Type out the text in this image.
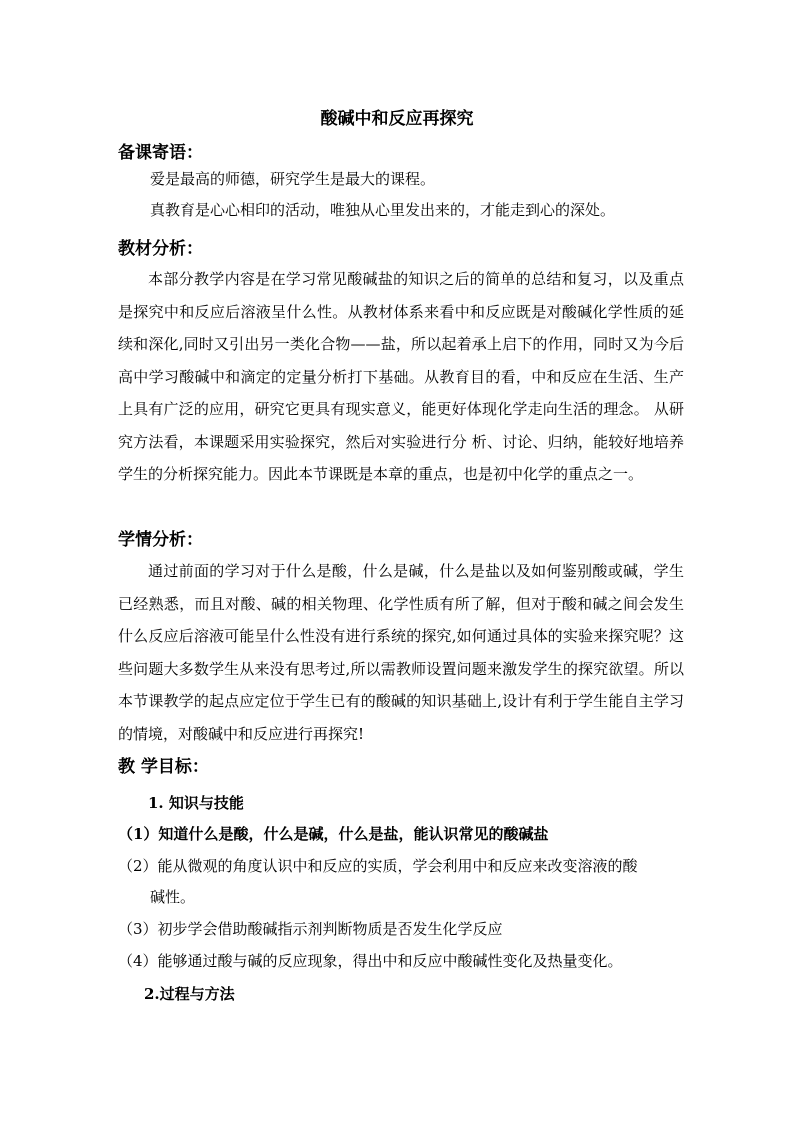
酸碱中和反应再探究
备课寄语：
爱是最高的师德，研究学生是最大的课程。
真教育是心心相印的活动，唯独从心里发出来的，才能走到心的深处。
教材分析：

本部分教学内容是在学习常见酸碱盐的知识之后的简单的总结和复习，以及重点是探究中和反应后溶液呈什么性。从教材体系来看中和反应既是对酸碱化学性质的延续和深化,同时又引出另一类化合物——盐，所以起着承上启下的作用，同时又为今后高中学习酸碱中和滴定的定量分析打下基础。从教育目的看，中和反应在生活、生产上具有广泛的应用，研究它更具有现实意义，能更好体现化学走向生活的理念。 从研究方法看，本课题采用实验探究，然后对实验进行分 析、讨论、归纳，能较好地培养学生的分析探究能力。因此本节课既是本章的重点，也是初中化学的重点之一。

学情分析：

通过前面的学习对于什么是酸，什么是碱，什么是盐以及如何鉴别酸或碱，学生已经熟悉，而且对酸、碱的相关物理、化学性质有所了解，但对于酸和碱之间会发生什么反应后溶液可能呈什么性没有进行系统的探究,如何通过具体的实验来探究呢？这些问题大多数学生从来没有思考过,所以需教师设置问题来激发学生的探究欲望。所以本节课教学的起点应定位于学生已有的酸碱的知识基础上,设计有利于学生能自主学习的情境，对酸碱中和反应进行再探究!

教 学目标：
1. 知识与技能
（1）知道什么是酸，什么是碱，什么是盐，能认识常见的酸碱盐
（2）能从微观的角度认识中和反应的实质，学会利用中和反应来改变溶液的酸
碱性。
（3）初步学会借助酸碱指示剂判断物质是否发生化学反应
（4）能够通过酸与碱的反应现象，得出中和反应中酸碱性变化及热量变化。
2.过程与方法
